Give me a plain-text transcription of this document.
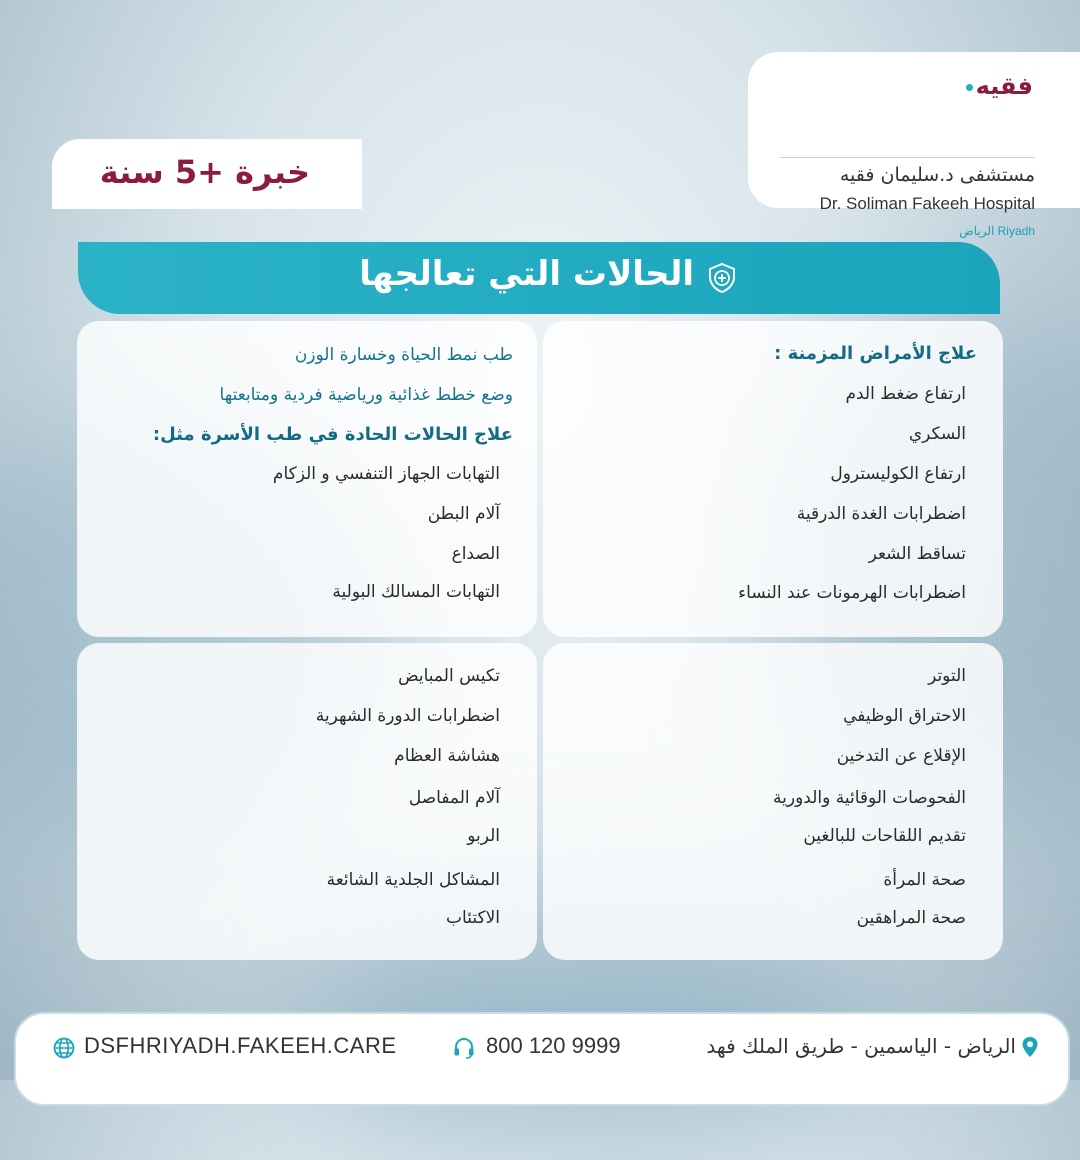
فقيه
مستشفى د.سليمان فقيه
Dr. Soliman Fakeeh Hospital
Riyadh الرياض
خبرة +5 سنة
الحالات التي تعالجها
علاج الأمراض المزمنة :
ارتفاع ضغط الدم
السكري
ارتفاع الكوليسترول
اضطرابات الغدة الدرقية
تساقط الشعر
اضطرابات الهرمونات عند النساء
طب نمط الحياة وخسارة الوزن
وضع خطط غذائية ورياضية فردية ومتابعتها
علاج الحالات الحادة في طب الأسرة مثل:
التهابات الجهاز التنفسي و الزكام
آلام البطن
الصداع
التهابات المسالك البولية
التوتر
الاحتراق الوظيفي
الإقلاع عن التدخين
الفحوصات الوقائية والدورية
تقديم اللقاحات للبالغين
صحة المرأة
صحة المراهقين
تكيس المبايض
اضطرابات الدورة الشهرية
هشاشة العظام
آلام المفاصل
الربو
المشاكل الجلدية الشائعة
الاكتئاب
الرياض - الياسمين - طريق الملك فهد
800 120 9999
DSFHRIYADH.FAKEEH.CARE
